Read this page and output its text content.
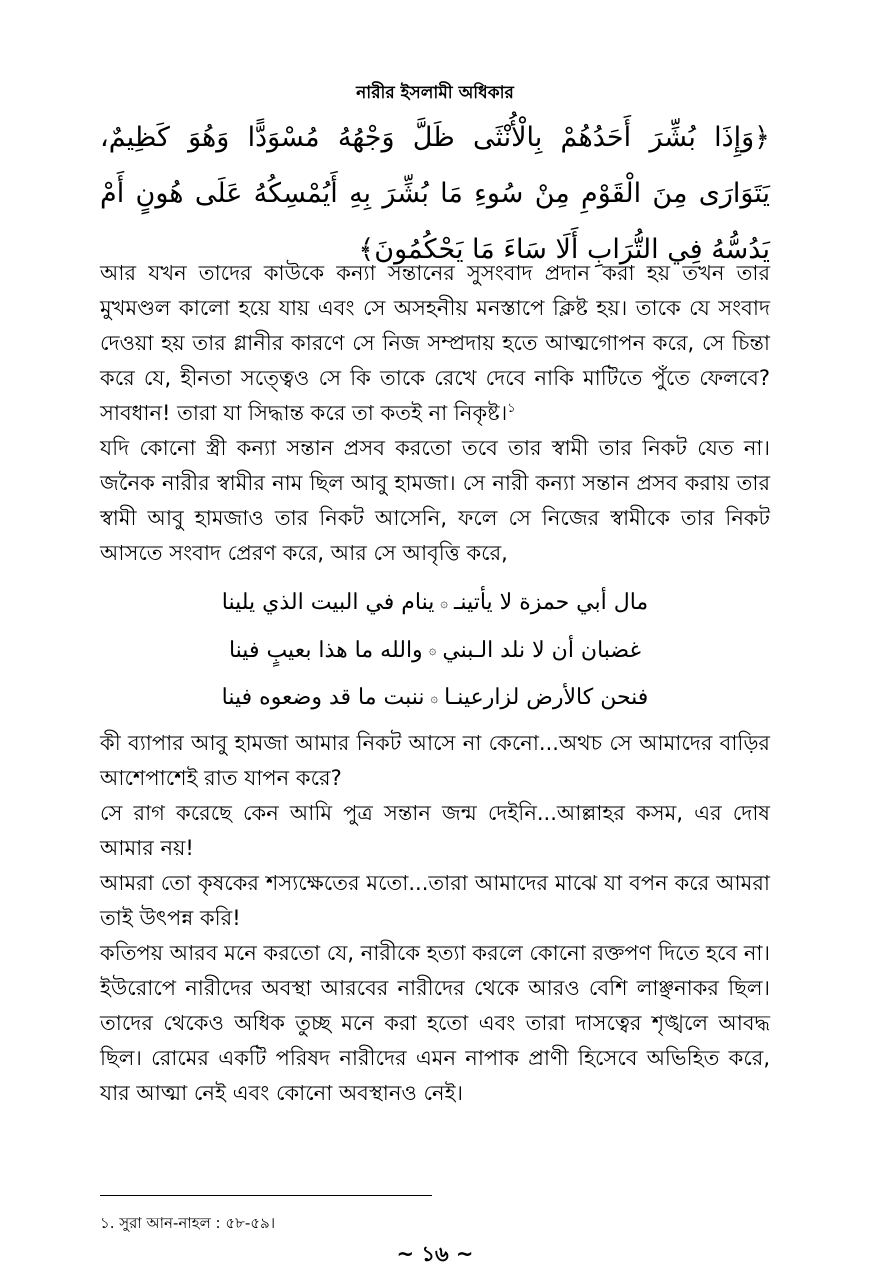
নারীর ইসলামী অধিকার
﴿وَإِذَا بُشِّرَ أَحَدُهُمْ بِالْأُنْثَى ظَلَّ وَجْهُهُ مُسْوَدًّا وَهُوَ كَظِيمٌ، يَتَوَارَى مِنَ الْقَوْمِ مِنْ سُوءِ مَا بُشِّرَ بِهِ أَيُمْسِكُهُ عَلَى هُونٍ أَمْ يَدُسُّهُ فِي التُّرَابِ أَلَا سَاءَ مَا يَحْكُمُونَ﴾

আর যখন তাদের কাউকে কন্যা সন্তানের সুসংবাদ প্রদান করা হয় তখন তার মুখমণ্ডল কালো হয়ে যায় এবং সে অসহনীয় মনস্তাপে ক্লিষ্ট হয়। তাকে যে সংবাদ দেওয়া হয় তার গ্লানীর কারণে সে নিজ সম্প্রদায় হতে আত্মগোপন করে, সে চিন্তা করে যে, হীনতা সত্ত্বেও সে কি তাকে রেখে দেবে নাকি মাটিতে পুঁতে ফেলবে? সাবধান! তারা যা সিদ্ধান্ত করে তা কতই না নিকৃষ্ট।$^১$

যদি কোনো স্ত্রী কন্যা সন্তান প্রসব করতো তবে তার স্বামী তার নিকট যেত না। জনৈক নারীর স্বামীর নাম ছিল আবু হামজা। সে নারী কন্যা সন্তান প্রসব করায় তার স্বামী আবু হামজাও তার নিকট আসেনি, ফলে সে নিজের স্বামীকে তার নিকট আসতে সংবাদ প্রেরণ করে, আর সে আবৃত্তি করে,

مال أبي حمزة لا يأتينـ۞ينام في البيت الذي يلينا
غضبان أن لا نلد الـبني۞والله ما هذا بعيبٍ فينا
فنحن كالأرض لزارعينـا۞ننبت ما قد وضعوه فينا

কী ব্যাপার আবু হামজা আমার নিকট আসে না কেনো...অথচ সে আমাদের বাড়ির আশেপাশেই রাত যাপন করে?

সে রাগ করেছে কেন আমি পুত্র সন্তান জন্ম দেইনি...আল্লাহর কসম, এর দোষ আমার নয়!

আমরা তো কৃষকের শস্যক্ষেতের মতো...তারা আমাদের মাঝে যা বপন করে আমরা তাই উৎপন্ন করি!

কতিপয় আরব মনে করতো যে, নারীকে হত্যা করলে কোনো রক্তপণ দিতে হবে না। ইউরোপে নারীদের অবস্থা আরবের নারীদের থেকে আরও বেশি লাঞ্ছনাকর ছিল। তাদের থেকেও অধিক তুচ্ছ মনে করা হতো এবং তারা দাসত্বের শৃঙ্খলে আবদ্ধ ছিল। রোমের একটি পরিষদ নারীদের এমন নাপাক প্রাণী হিসেবে অভিহিত করে, যার আত্মা নেই এবং কোনো অবস্থানও নেই।

১. সুরা আন-নাহল : ৫৮-৫৯।
~ ১৬ ~
